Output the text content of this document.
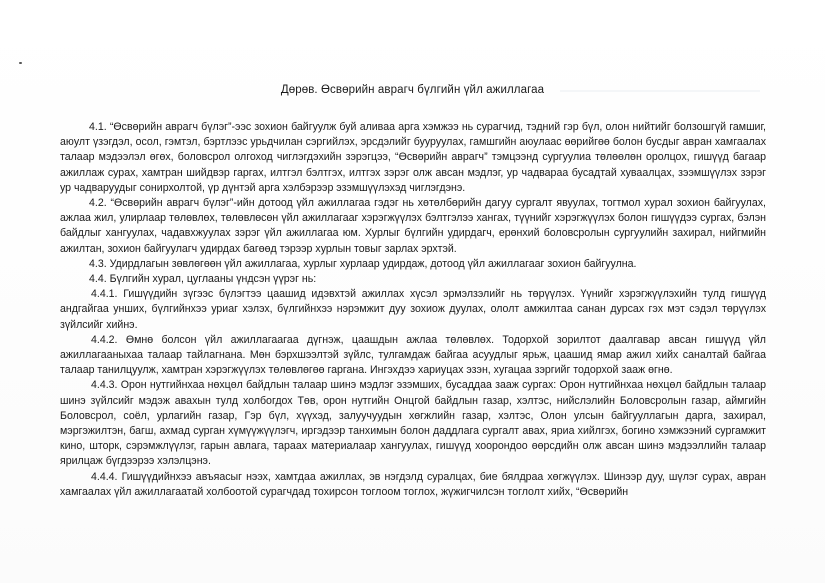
Дөрөв. Өсвөрийн аврагч бүлгийн үйл ажиллагаа

4.1. “Өсвөрийн аврагч бүлэг”-ээс зохион байгуулж буй аливаа арга хэмжээ нь сурагчид, тэдний гэр бүл, олон нийтийг болзошгүй гамшиг, аюулт үзэгдэл, осол, гэмтэл, бэртлээс урьдчилан сэргийлэх, эрсдэлийг бууруулах, гамшгийн аюулаас өөрийгөө болон бусдыг авран хамгаалах талаар мэдээлэл өгөх, боловсрол олгоход чиглэгдэхийн зэрэгцээ, “Өсвөрийн аврагч” тэмцээнд сургуулиа төлөөлөн оролцох, гишүүд багаар ажиллаж сурах, хамтран шийдвэр гаргах, илтгэл бэлтгэх, илтгэх зэрэг олж авсан мэдлэг, ур чадвараа бусадтай хуваалцах, зээмшүүлэх зэрэг ур чадваруудыг сонирхолтой, үр дүнтэй арга хэлбэрээр эзэмшүүлэхэд чиглэгдэнэ.

4.2. “Өсвөрийн аврагч бүлэг”-ийн дотоод үйл ажиллагаа гэдэг нь хөтөлбөрийн дагуу сургалт явуулах, тогтмол хурал зохион байгуулах, ажлаа жил, улирлаар төлөвлөх, төлөвлөсөн үйл ажиллагааг хэрэгжүүлэх бэлтгэлээ хангах, түүнийг хэрэгжүүлэх болон гишүүдээ сургах, бэлэн байдлыг хангуулах, чадавхжуулах зэрэг үйл ажиллагаа юм. Хурлыг бүлгийн удирдагч, ерөнхий боловсролын сургуулийн захирал, нийгмийн ажилтан, зохион байгуулагч удирдах багөөд тэрээр хурлын товыг зарлах эрхтэй.

4.3. Удирдлагын зөвлөгөөн үйл ажиллагаа, хурлыг хурлаар удирдаж, дотоод үйл ажиллагааг зохион байгуулна.

4.4. Бүлгийн хурал, цуглааны үндсэн үүрэг нь:

4.4.1. Гишүүдийн зүгээс бүлэгтээ цаашид идэвхтэй ажиллах хүсэл эрмэлзэлийг нь төрүүлэх. Үүнийг хэрэгжүүлэхийн тулд гишүүд андгайгаа унших, бүлгийнхээ уриаг хэлэх, бүлгийнхээ нэрэмжит дуу зохиож дуулах, ололт амжилтаа санан дурсах гэх мэт сэдэл төрүүлэх зүйлсийг хийнэ.

4.4.2. Өмнө болсон үйл ажиллагаагаа дүгнэж, цаашдын ажлаа төлөвлөх. Тодорхой зорилтот даалгавар авсан гишүүд үйл ажиллагааныхаа талаар тайлагнана. Мөн бэрхшээлтэй зүйлс, тулгамдаж байгаа асуудлыг ярьж, цаашид ямар ажил хийх саналтай байгаа талаар танилцуулж, хамтран хэрэгжүүлэх төлөвлөгөө гаргана. Ингэхдээ хариуцах эзэн, хугацаа зэргийг тодорхой зааж өгнө.

4.4.3. Орон нутгийнхаа нөхцөл байдлын талаар шинэ мэдлэг эзэмших, бусаддаа зааж сургах: Орон нутгийнхаа нөхцөл байдлын талаар шинэ зүйлсийг мэдэж авахын тулд холбогдох Төв, орон нутгийн Онцгой байдлын газар, хэлтэс, нийслэлийн Боловсролын газар, аймгийн Боловсрол, соёл, урлагийн газар, Гэр бүл, хүүхэд, залуучуудын хөгжлийн газар, хэлтэс, Олон улсын байгууллагын дарга, захирал, мэргэжилтэн, багш, ахмад сурган хүмүүжүүлэгч, иргэдээр танхимын болон даддлага сургалт авах, яриа хийлгэх, богино хэмжээний сургамжит кино, шторк, сэрэмжлүүлэг, гарын авлага, тараах материалаар хангуулах, гишүүд хоорондоо өөрсдийн олж авсан шинэ мэдээллийн талаар ярилцаж бүгдээрээ хэлэлцэнэ.

4.4.4. Гишүүдийнхээ авъяасыг нээх, хамтдаа ажиллах, эв нэгдэлд суралцах, бие бялдраа хөгжүүлэх. Шинээр дуу, шүлэг сурах, авран хамгаалах үйл ажиллагаатай холбоотой сурагчдад тохирсон тоглоом тоглох, жүжигчилсэн тоглолт хийх, “Өсвөрийн
